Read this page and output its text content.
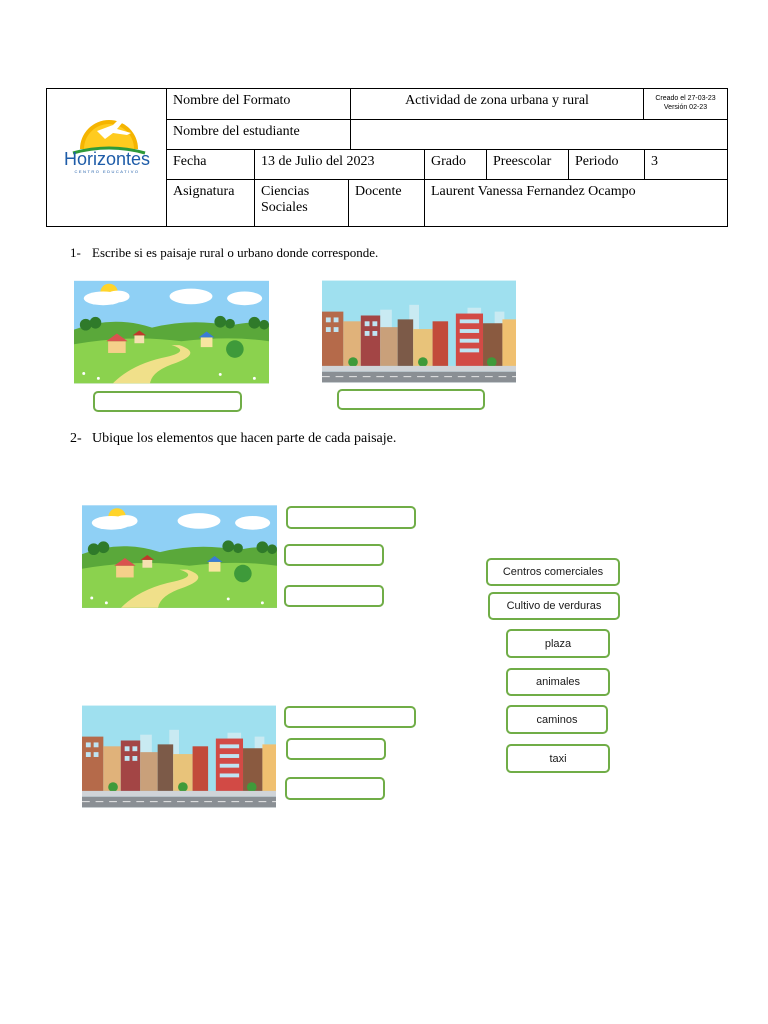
Horizontes
CENTRO EDUCATIVO
Nombre del Formato	Actividad de zona urbana y rural	Creado el 27-03-23
Versión 02-23
Nombre del estudiante
Fecha	13 de Julio del 2023	Grado	Preescolar	Periodo	3
Asignatura	Ciencias
Sociales
Docente	Laurent Vanessa Fernandez Ocampo
1- Escribe si es paisaje rural o urbano donde corresponde.
2- Ubique los elementos que hacen parte de cada paisaje.
Centros comerciales
Cultivo de verduras
plaza
animales
caminos
taxi
